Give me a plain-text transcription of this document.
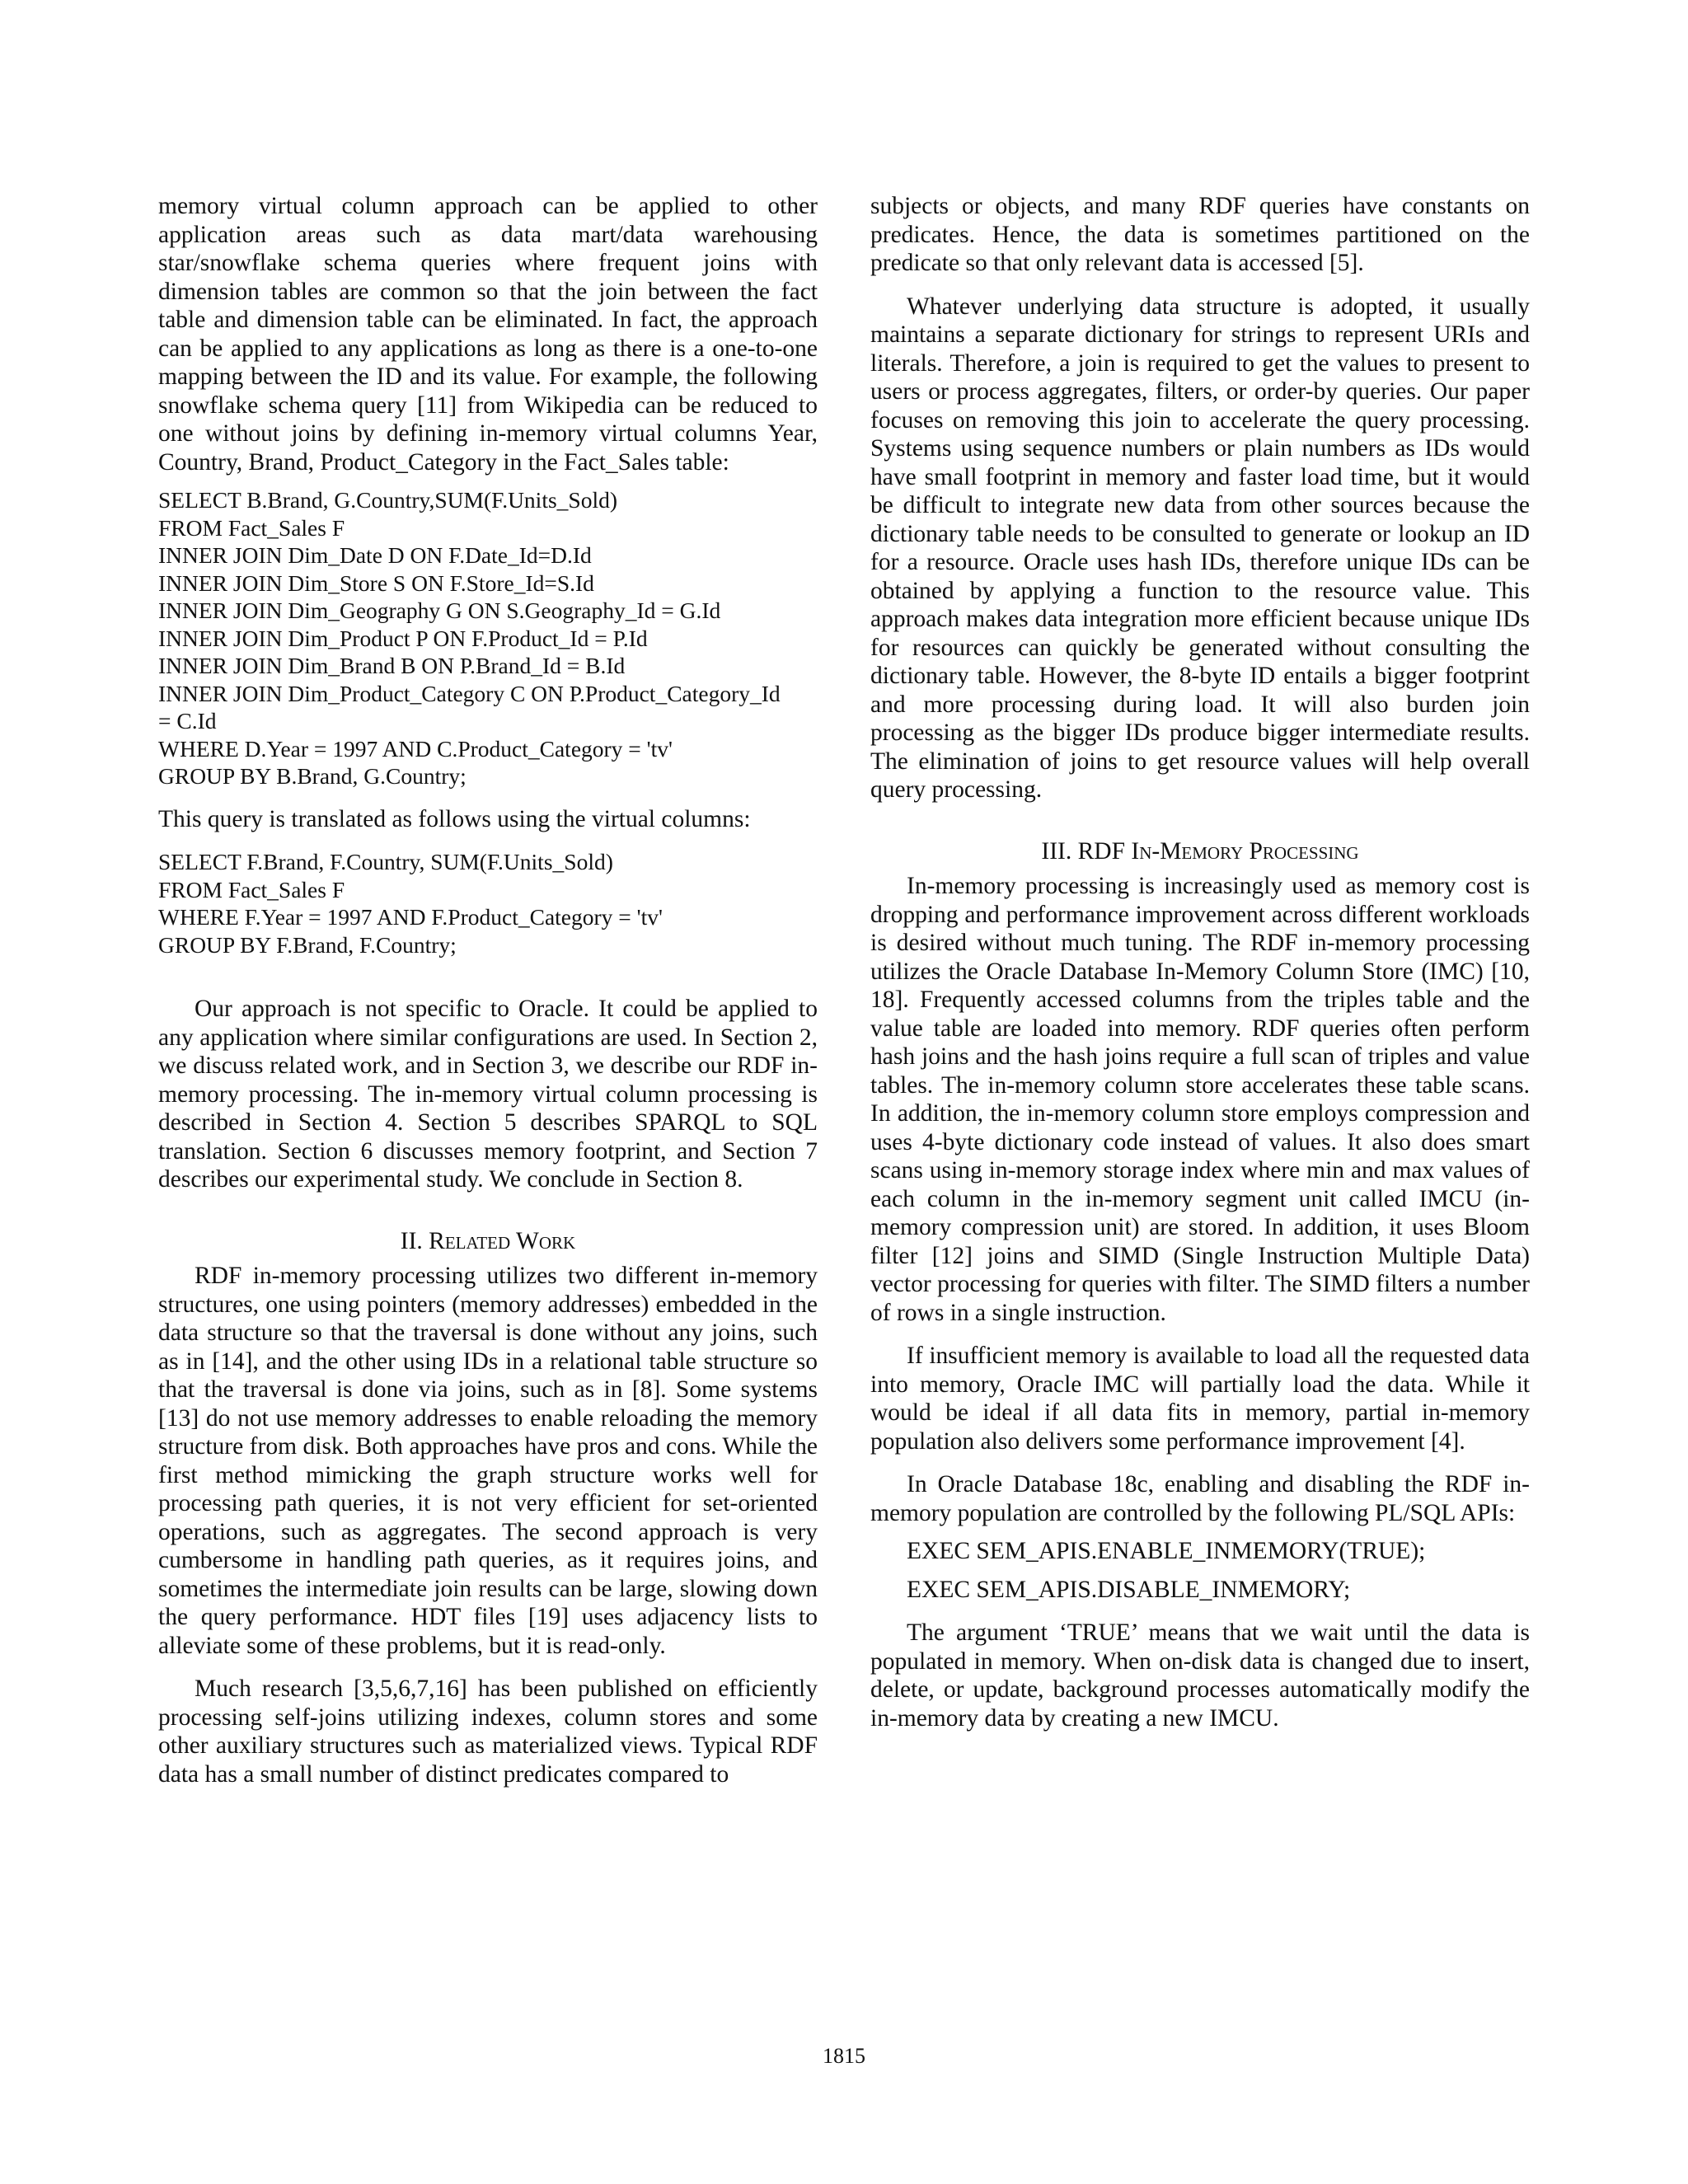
memory virtual column approach can be applied to other application areas such as data mart/data warehousing star/snowflake schema queries where frequent joins with dimension tables are common so that the join between the fact table and dimension table can be eliminated. In fact, the approach can be applied to any applications as long as there is a one-to-one mapping between the ID and its value. For example, the following snowflake schema query [11] from Wikipedia can be reduced to one without joins by defining in-memory virtual columns Year, Country, Brand, Product_Category in the Fact_Sales table:

SELECT B.Brand, G.Country,SUM(F.Units_Sold)
FROM Fact_Sales F
INNER JOIN Dim_Date D ON F.Date_Id=D.Id
INNER JOIN Dim_Store S ON F.Store_Id=S.Id
INNER JOIN Dim_Geography G ON S.Geography_Id = G.Id
INNER JOIN Dim_Product P ON F.Product_Id = P.Id
INNER JOIN Dim_Brand B ON P.Brand_Id = B.Id
INNER JOIN Dim_Product_Category C ON P.Product_Category_Id
= C.Id
WHERE D.Year = 1997 AND C.Product_Category = 'tv'
GROUP BY B.Brand, G.Country;

This query is translated as follows using the virtual columns:

SELECT F.Brand, F.Country, SUM(F.Units_Sold)
FROM Fact_Sales F
WHERE F.Year = 1997 AND F.Product_Category = 'tv'
GROUP BY F.Brand, F.Country;

Our approach is not specific to Oracle. It could be applied to any application where similar configurations are used. In Section 2, we discuss related work, and in Section 3, we describe our RDF in-memory processing. The in-memory virtual column processing is described in Section 4. Section 5 describes SPARQL to SQL translation. Section 6 discusses memory footprint, and Section 7 describes our experimental study. We conclude in Section 8.

II. Related Work

RDF in-memory processing utilizes two different in-memory structures, one using pointers (memory addresses) embedded in the data structure so that the traversal is done without any joins, such as in [14], and the other using IDs in a relational table structure so that the traversal is done via joins, such as in [8]. Some systems [13] do not use memory addresses to enable reloading the memory structure from disk. Both approaches have pros and cons. While the first method mimicking the graph structure works well for processing path queries, it is not very efficient for set-oriented operations, such as aggregates. The second approach is very cumbersome in handling path queries, as it requires joins, and sometimes the intermediate join results can be large, slowing down the query performance. HDT files [19] uses adjacency lists to alleviate some of these problems, but it is read-only.

Much research [3,5,6,7,16] has been published on efficiently processing self-joins utilizing indexes, column stores and some other auxiliary structures such as materialized views. Typical RDF data has a small number of distinct predicates compared to

subjects or objects, and many RDF queries have constants on predicates. Hence, the data is sometimes partitioned on the predicate so that only relevant data is accessed [5].

Whatever underlying data structure is adopted, it usually maintains a separate dictionary for strings to represent URIs and literals. Therefore, a join is required to get the values to present to users or process aggregates, filters, or order-by queries. Our paper focuses on removing this join to accelerate the query processing. Systems using sequence numbers or plain numbers as IDs would have small footprint in memory and faster load time, but it would be difficult to integrate new data from other sources because the dictionary table needs to be consulted to generate or lookup an ID for a resource. Oracle uses hash IDs, therefore unique IDs can be obtained by applying a function to the resource value. This approach makes data integration more efficient because unique IDs for resources can quickly be generated without consulting the dictionary table. However, the 8-byte ID entails a bigger footprint and more processing during load. It will also burden join processing as the bigger IDs produce bigger intermediate results. The elimination of joins to get resource values will help overall query processing.

III. RDF In-Memory Processing

In-memory processing is increasingly used as memory cost is dropping and performance improvement across different workloads is desired without much tuning. The RDF in-memory processing utilizes the Oracle Database In-Memory Column Store (IMC) [10, 18]. Frequently accessed columns from the triples table and the value table are loaded into memory. RDF queries often perform hash joins and the hash joins require a full scan of triples and value tables. The in-memory column store accelerates these table scans. In addition, the in-memory column store employs compression and uses 4-byte dictionary code instead of values. It also does smart scans using in-memory storage index where min and max values of each column in the in-memory segment unit called IMCU (in-memory compression unit) are stored. In addition, it uses Bloom filter [12] joins and SIMD (Single Instruction Multiple Data) vector processing for queries with filter. The SIMD filters a number of rows in a single instruction.

If insufficient memory is available to load all the requested data into memory, Oracle IMC will partially load the data. While it would be ideal if all data fits in memory, partial in-memory population also delivers some performance improvement [4].

In Oracle Database 18c, enabling and disabling the RDF in-memory population are controlled by the following PL/SQL APIs:

EXEC SEM_APIS.ENABLE_INMEMORY(TRUE);
EXEC SEM_APIS.DISABLE_INMEMORY;

The argument ‘TRUE’ means that we wait until the data is populated in memory. When on-disk data is changed due to insert, delete, or update, background processes automatically modify the in-memory data by creating a new IMCU.

1815
